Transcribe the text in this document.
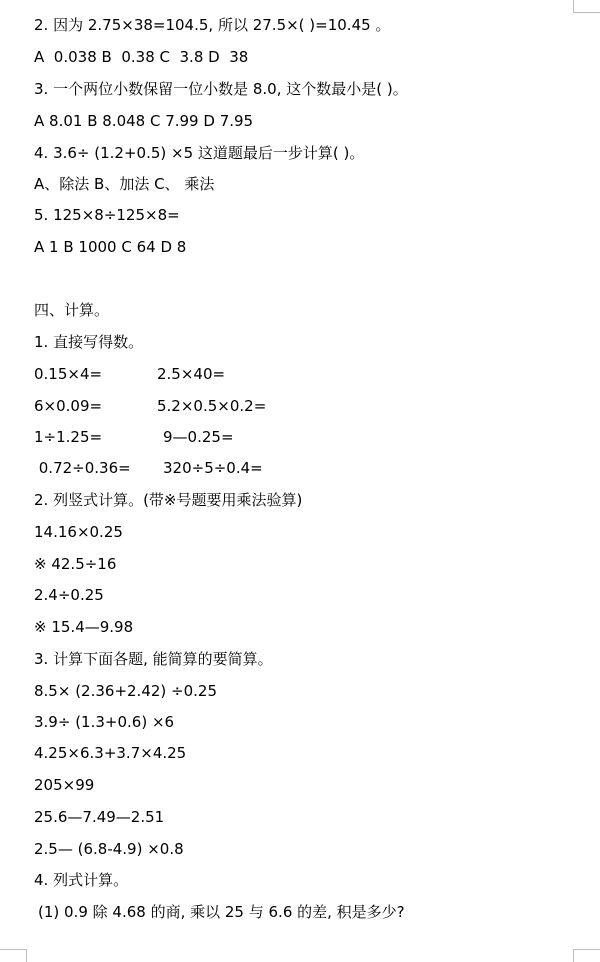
2. 因为 2.75×38=104.5, 所以 27.5×( )=10.45 。
A  0.038 B  0.38 C  3.8 D  38
3. 一个两位小数保留一位小数是 8.0, 这个数最小是( )。
A 8.01 B 8.048 C 7.99 D 7.95
4. 3.6÷ (1.2+0.5) ×5 这道题最后一步计算( )。
A、除法 B、加法 C、 乘法
5. 125×8÷125×8=
A 1 B 1000 C 64 D 8
四、计算。
1. 直接写得数。
0.15×4=	2.5×40=
6×0.09=	5.2×0.5×0.2=
1÷1.25=	9—0.25=
0.72÷0.36= 320÷5÷0.4=
2. 列竖式计算。(带※号题要用乘法验算)
14.16×0.25
※ 42.5÷16
2.4÷0.25
※ 15.4—9.98
3. 计算下面各题, 能简算的要简算。
8.5× (2.36+2.42) ÷0.25
3.9÷ (1.3+0.6) ×6
4.25×6.3+3.7×4.25
205×99
25.6—7.49—2.51
2.5— (6.8-4.9) ×0.8
4. 列式计算。
(1) 0.9 除 4.68 的商, 乘以 25 与 6.6 的差, 积是多少?
